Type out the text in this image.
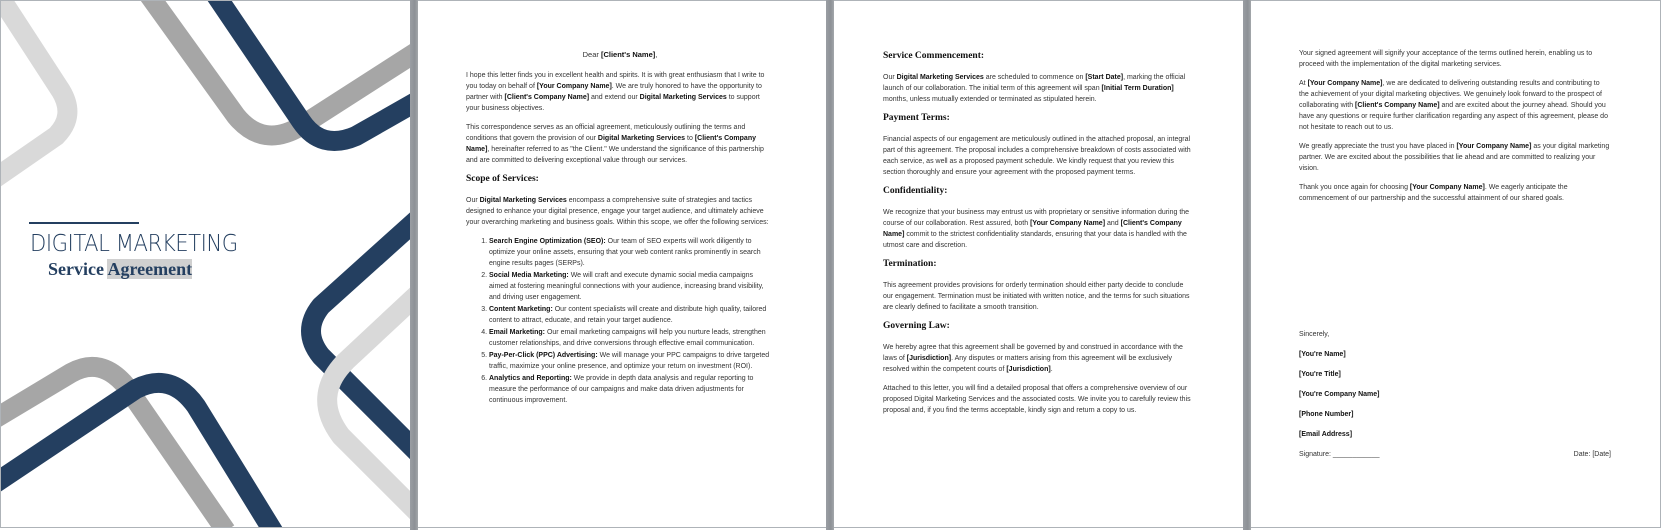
DIGITAL MARKETING
Service Agreement

Dear [Client's Name],

I hope this letter finds you in excellent health and spirits. It is with great enthusiasm that I write to you today on behalf of [Your Company Name]. We are truly honored to have the opportunity to partner with [Client's Company Name] and extend our Digital Marketing Services to support your business objectives.

This correspondence serves as an official agreement, meticulously outlining the terms and conditions that govern the provision of our Digital Marketing Services to [Client's Company Name], hereinafter referred to as "the Client." We understand the significance of this partnership and are committed to delivering exceptional value through our services.

Scope of Services:

Our Digital Marketing Services encompass a comprehensive suite of strategies and tactics designed to enhance your digital presence, engage your target audience, and ultimately achieve your overarching marketing and business goals. Within this scope, we offer the following services:

1. Search Engine Optimization (SEO): Our team of SEO experts will work diligently to optimize your online assets, ensuring that your web content ranks prominently in search engine results pages (SERPs).
2. Social Media Marketing: We will craft and execute dynamic social media campaigns aimed at fostering meaningful connections with your audience, increasing brand visibility, and driving user engagement.
3. Content Marketing: Our content specialists will create and distribute high quality, tailored content to attract, educate, and retain your target audience.
4. Email Marketing: Our email marketing campaigns will help you nurture leads, strengthen customer relationships, and drive conversions through effective email communication.
5. Pay-Per-Click (PPC) Advertising: We will manage your PPC campaigns to drive targeted traffic, maximize your online presence, and optimize your return on investment (ROI).
6. Analytics and Reporting: We provide in depth data analysis and regular reporting to measure the performance of our campaigns and make data driven adjustments for continuous improvement.
Service Commencement:

Our Digital Marketing Services are scheduled to commence on [Start Date], marking the official launch of our collaboration. The initial term of this agreement will span [Initial Term Duration] months, unless mutually extended or terminated as stipulated herein.

Payment Terms:

Financial aspects of our engagement are meticulously outlined in the attached proposal, an integral part of this agreement. The proposal includes a comprehensive breakdown of costs associated with each service, as well as a proposed payment schedule. We kindly request that you review this section thoroughly and ensure your agreement with the proposed payment terms.

Confidentiality:

We recognize that your business may entrust us with proprietary or sensitive information during the course of our collaboration. Rest assured, both [Your Company Name] and [Client's Company Name] commit to the strictest confidentiality standards, ensuring that your data is handled with the utmost care and discretion.

Termination:

This agreement provides provisions for orderly termination should either party decide to conclude our engagement. Termination must be initiated with written notice, and the terms for such situations are clearly defined to facilitate a smooth transition.

Governing Law:

We hereby agree that this agreement shall be governed by and construed in accordance with the laws of [Jurisdiction]. Any disputes or matters arising from this agreement will be exclusively resolved within the competent courts of [Jurisdiction].

Attached to this letter, you will find a detailed proposal that offers a comprehensive overview of our proposed Digital Marketing Services and the associated costs. We invite you to carefully review this proposal and, if you find the terms acceptable, kindly sign and return a copy to us.

Your signed agreement will signify your acceptance of the terms outlined herein, enabling us to proceed with the implementation of the digital marketing services.

At [Your Company Name], we are dedicated to delivering outstanding results and contributing to the achievement of your digital marketing objectives. We genuinely look forward to the prospect of collaborating with [Client's Company Name] and are excited about the journey ahead. Should you have any questions or require further clarification regarding any aspect of this agreement, please do not hesitate to reach out to us.

We greatly appreciate the trust you have placed in [Your Company Name] as your digital marketing partner. We are excited about the possibilities that lie ahead and are committed to realizing your vision.

Thank you once again for choosing [Your Company Name]. We eagerly anticipate the commencement of our partnership and the successful attainment of our shared goals.

Sincerely,

[You're Name]

[You're Title]

[You're Company Name]

[Phone Number]

[Email Address]

Signature: ____________	Date: [Date]
